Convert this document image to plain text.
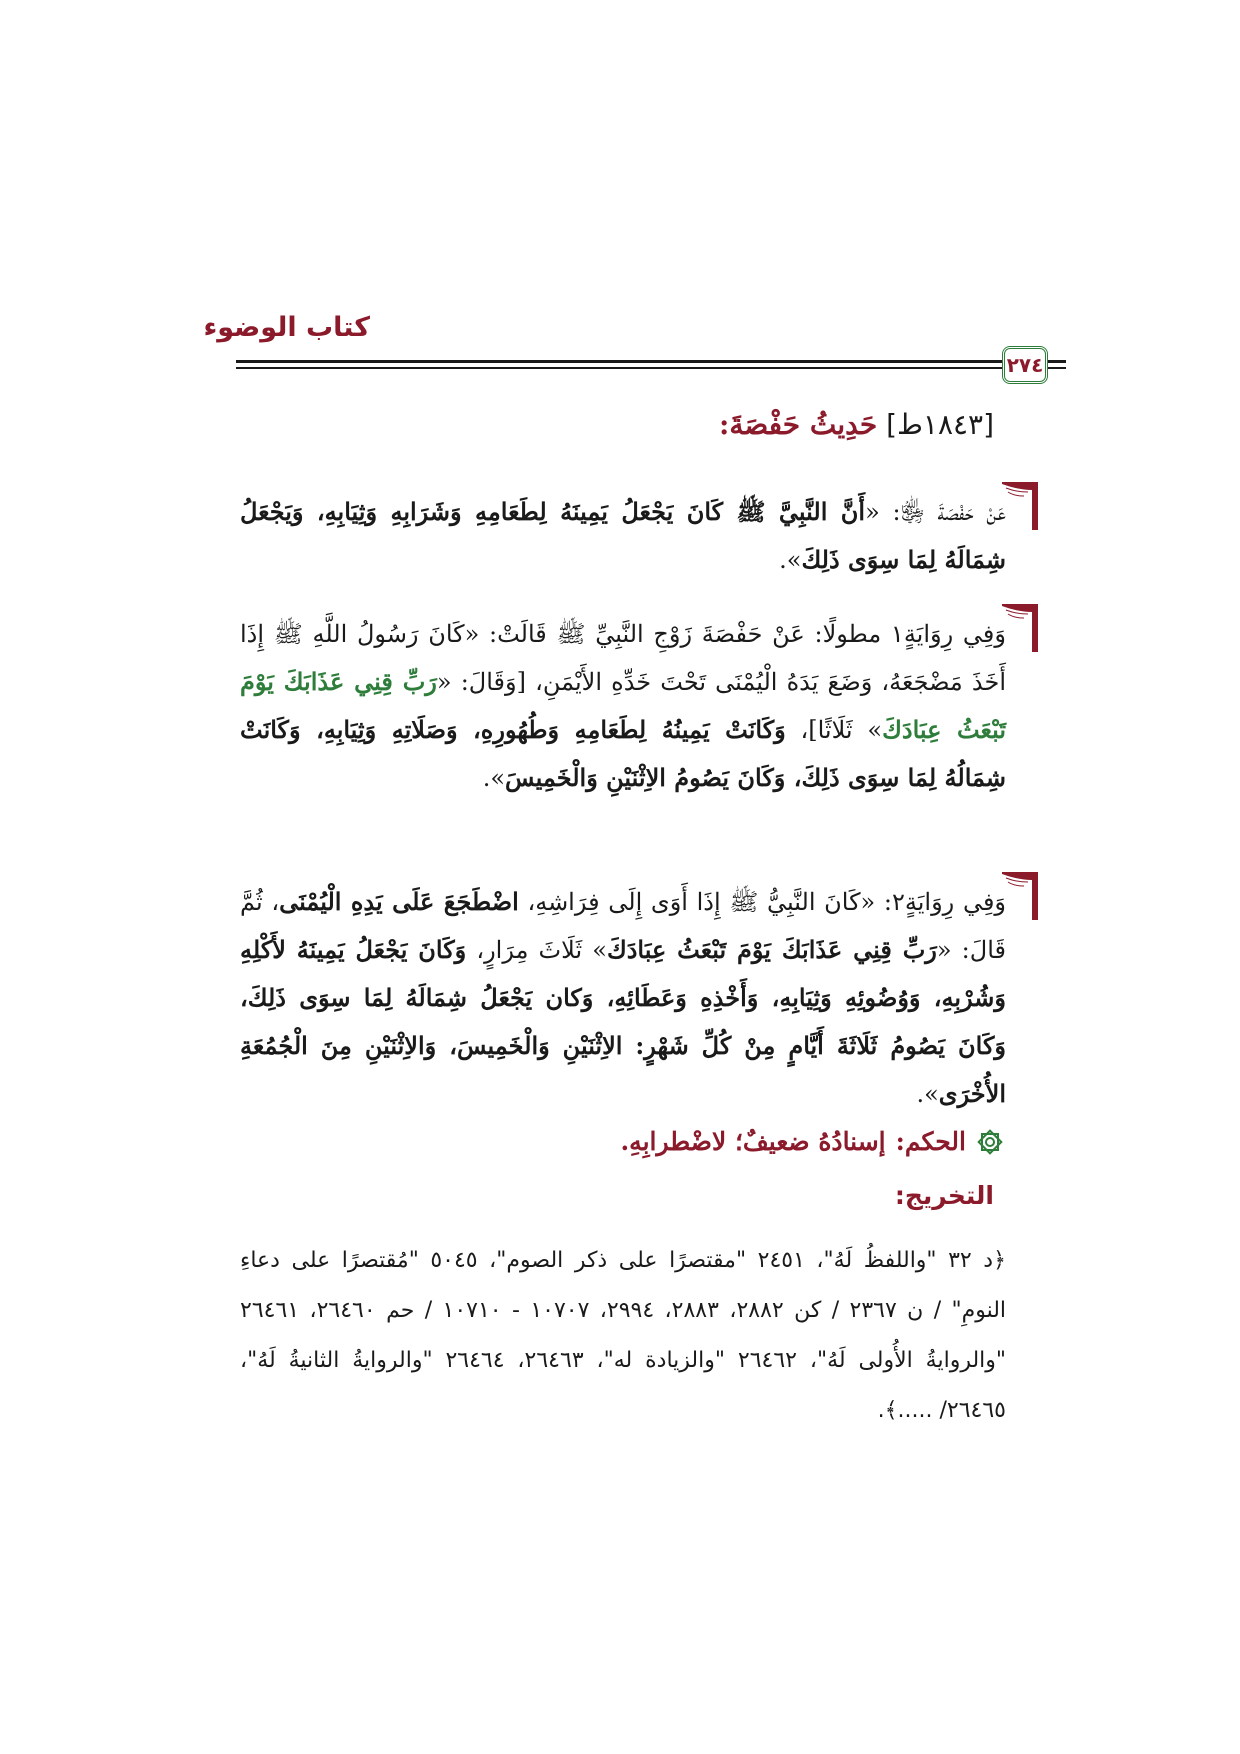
كتاب الوضوء
٢٧٤
[١٨٤٣ط] حَدِيثُ حَفْصَةَ:

عَنْ حَفْصَةَ ﵂: «أَنَّ النَّبِيَّ ﷺ كَانَ يَجْعَلُ يَمِينَهُ لِطَعَامِهِ وَشَرَابِهِ وَثِيَابِهِ، وَيَجْعَلُ شِمَالَهُ لِمَا سِوَى ذَلِكَ».

وَفِي رِوَايَةٍ١ مطولًا: عَنْ حَفْصَةَ زَوْجِ النَّبِيِّ ﷺ قَالَتْ: «كَانَ رَسُولُ اللَّهِ ﷺ إِذَا أَخَذَ مَضْجَعَهُ، وَضَعَ يَدَهُ الْيُمْنَى تَحْتَ خَدِّهِ الأَيْمَنِ، [وَقَالَ: «رَبِّ قِنِي عَذَابَكَ يَوْمَ تَبْعَثُ عِبَادَكَ» ثَلَاثًا]، وَكَانَتْ يَمِينُهُ لِطَعَامِهِ وَطُهُورِهِ، وَصَلَاتِهِ وَثِيَابِهِ، وَكَانَتْ شِمَالُهُ لِمَا سِوَى ذَلِكَ، وَكَانَ يَصُومُ الاِثْنَيْنِ وَالْخَمِيسَ».

وَفِي رِوَايَةٍ٢: «كَانَ النَّبِيُّ ﷺ إِذَا أَوَى إِلَى فِرَاشِهِ، اضْطَجَعَ عَلَى يَدِهِ الْيُمْنَى، ثُمَّ قَالَ: «رَبِّ قِنِي عَذَابَكَ يَوْمَ تَبْعَثُ عِبَادَكَ» ثَلَاثَ مِرَارٍ، وَكَانَ يَجْعَلُ يَمِينَهُ لأَكْلِهِ وَشُرْبِهِ، وَوُضُوئِهِ وَثِيَابِهِ، وَأَخْذِهِ وَعَطَائِهِ، وَكان يَجْعَلُ شِمَالَهُ لِمَا سِوَى ذَلِكَ، وَكَانَ يَصُومُ ثَلَاثَةَ أَيَّامٍ مِنْ كُلِّ شَهْرٍ: الاِثْنَيْنِ وَالْخَمِيسَ، وَالاِثْنَيْنِ مِنَ الْجُمُعَةِ الأُخْرَى».

الحكم:
إسنادُهُ ضعيفٌ؛ لاضْطرابِهِ.
التخريج:
﴿د ٣٢ "واللفظُ لَهُ"، ٢٤٥١ "مقتصرًا على ذكر الصوم"، ٥٠٤٥ "مُقتصرًا على دعاءِ النومِ" / ن ٢٣٦٧ / كن ٢٨٨٢، ٢٨٨٣، ٢٩٩٤، ١٠٧٠٧ - ١٠٧١٠ / حم ٢٦٤٦٠، ٢٦٤٦١ "والروايةُ الأُولى لَهُ"، ٢٦٤٦٢ "والزيادة له"، ٢٦٤٦٣، ٢٦٤٦٤ "والروايةُ الثانيةُ لَهُ"، ٢٦٤٦٥/ .....﴾.
